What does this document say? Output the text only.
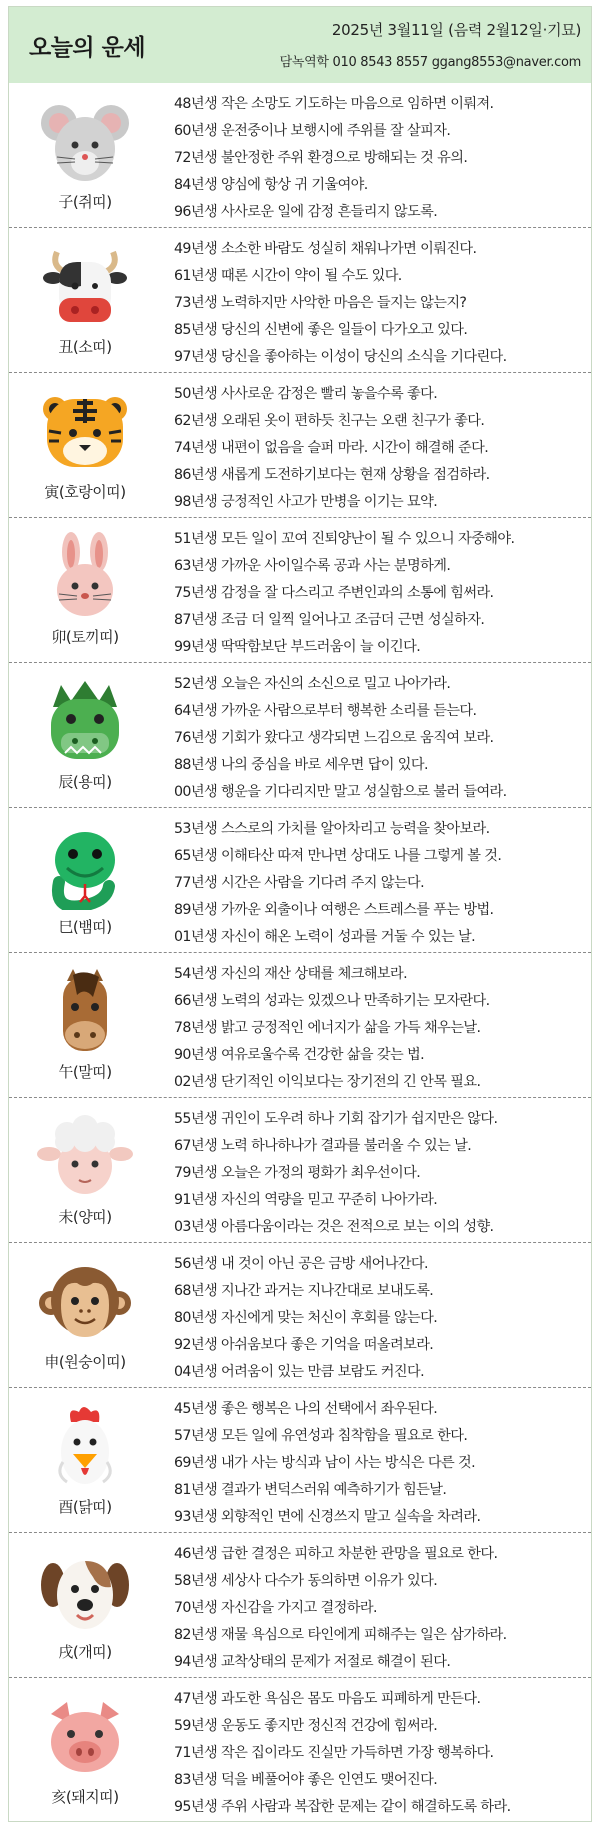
오늘의 운세
2025년 3월11일 (음력 2월12일·기묘)
담녹역학 010 8543 8557 ggang8553@naver.com
子(쥐띠)
48년생 작은 소망도 기도하는 마음으로 임하면 이뤄져.
60년생 운전중이나 보행시에 주위를 잘 살피자.
72년생 불안정한 주위 환경으로 방해되는 것 유의.
84년생 양심에 항상 귀 기울여야.
96년생 사사로운 일에 감정 흔들리지 않도록.
丑(소띠)
49년생 소소한 바람도 성실히 채워나가면 이뤄진다.
61년생 때론 시간이 약이 될 수도 있다.
73년생 노력하지만 사악한 마음은 들지는 않는지?
85년생 당신의 신변에 좋은 일들이 다가오고 있다.
97년생 당신을 좋아하는 이성이 당신의 소식을 기다린다.
寅(호랑이띠)
50년생 사사로운 감정은 빨리 놓을수록 좋다.
62년생 오래된 옷이 편하듯 친구는 오랜 친구가 좋다.
74년생 내편이 없음을 슬퍼 마라. 시간이 해결해 준다.
86년생 새롭게 도전하기보다는 현재 상황을 점검하라.
98년생 긍정적인 사고가 만병을 이기는 묘약.
卯(토끼띠)
51년생 모든 일이 꼬여 진퇴양난이 될 수 있으니 자중해야.
63년생 가까운 사이일수록 공과 사는 분명하게.
75년생 감정을 잘 다스리고 주변인과의 소통에 힘써라.
87년생 조금 더 일찍 일어나고 조금더 근면 성실하자.
99년생 딱딱함보단 부드러움이 늘 이긴다.
辰(용띠)
52년생 오늘은 자신의 소신으로 밀고 나아가라.
64년생 가까운 사람으로부터 행복한 소리를 듣는다.
76년생 기회가 왔다고 생각되면 느김으로 움직여 보라.
88년생 나의 중심을 바로 세우면 답이 있다.
00년생 행운을 기다리지만 말고 성실함으로 불러 들여라.
巳(뱀띠)
53년생 스스로의 가치를 알아차리고 능력을 찾아보라.
65년생 이해타산 따져 만나면 상대도 나를 그렇게 볼 것.
77년생 시간은 사람을 기다려 주지 않는다.
89년생 가까운 외출이나 여행은 스트레스를 푸는 방법.
01년생 자신이 해온 노력이 성과를 거둘 수 있는 날.
午(말띠)
54년생 자신의 재산 상태를 체크해보라.
66년생 노력의 성과는 있겠으나 만족하기는 모자란다.
78년생 밝고 긍정적인 에너지가 삶을 가득 채우는날.
90년생 여유로울수록 건강한 삶을 갖는 법.
02년생 단기적인 이익보다는 장기전의 긴 안목 필요.
未(양띠)
55년생 귀인이 도우려 하나 기회 잡기가 쉽지만은 않다.
67년생 노력 하나하나가 결과를 불러올 수 있는 날.
79년생 오늘은 가정의 평화가 최우선이다.
91년생 자신의 역량을 믿고 꾸준히 나아가라.
03년생 아름다움이라는 것은 전적으로 보는 이의 성향.
申(원숭이띠)
56년생 내 것이 아닌 공은 금방 새어나간다.
68년생 지나간 과거는 지나간대로 보내도록.
80년생 자신에게 맞는 처신이 후회를 않는다.
92년생 아쉬움보다 좋은 기억을 떠올려보라.
04년생 어려움이 있는 만큼 보람도 커진다.
酉(닭띠)
45년생 좋은 행복은 나의 선택에서 좌우된다.
57년생 모든 일에 유연성과 침착함을 필요로 한다.
69년생 내가 사는 방식과 남이 사는 방식은 다른 것.
81년생 결과가 변덕스러워 예측하기가 힘든날.
93년생 외향적인 면에 신경쓰지 말고 실속을 차려라.
戌(개띠)
46년생 급한 결정은 피하고 차분한 관망을 필요로 한다.
58년생 세상사 다수가 동의하면 이유가 있다.
70년생 자신감을 가지고 결정하라.
82년생 재물 욕심으로 타인에게 피해주는 일은 삼가하라.
94년생 교착상태의 문제가 저절로 해결이 된다.
亥(돼지띠)
47년생 과도한 욕심은 몸도 마음도 피폐하게 만든다.
59년생 운동도 좋지만 정신적 건강에 힘써라.
71년생 작은 집이라도 진실만 가득하면 가장 행복하다.
83년생 덕을 베풀어야 좋은 인연도 맺어진다.
95년생 주위 사람과 복잡한 문제는 같이 해결하도록 하라.
